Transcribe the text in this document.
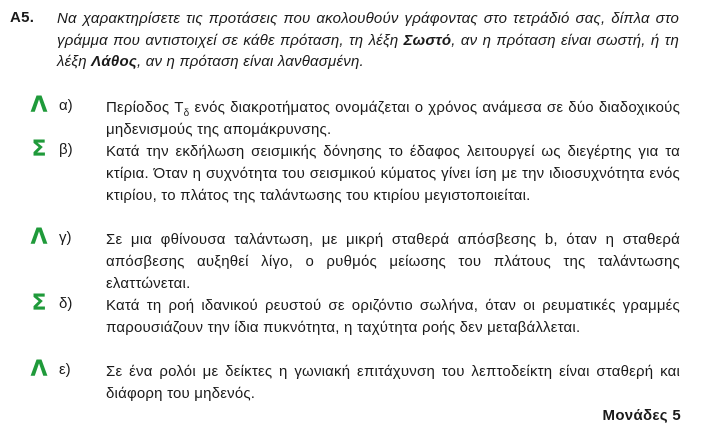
A5. Να χαρακτηρίσετε τις προτάσεις που ακολουθούν γράφοντας στο τετράδιό σας, δίπλα στο γράμμα που αντιστοιχεί σε κάθε πρόταση, τη λέξη Σωστό, αν η πρόταση είναι σωστή, ή τη λέξη Λάθος, αν η πρόταση είναι λανθασμένη.
Λ α) Περίοδος $T_\delta$ ενός διακροτήματος ονομάζεται ο χρόνος ανάμεσα σε δύο διαδοχικούς μηδενισμούς της απομάκρυνσης.
Σ β) Κατά την εκδήλωση σεισμικής δόνησης το έδαφος λειτουργεί ως διεγέρτης για τα κτίρια. Όταν η συχνότητα του σεισμικού κύματος γίνει ίση με την ιδιοσυχνότητα ενός κτιρίου, το πλάτος της ταλάντωσης του κτιρίου μεγιστοποιείται.
Λ γ) Σε μια φθίνουσα ταλάντωση, με μικρή σταθερά απόσβεσης b, όταν η σταθερά απόσβεσης αυξηθεί λίγο, ο ρυθμός μείωσης του πλάτους της ταλάντωσης ελαττώνεται.
Σ δ) Κατά τη ροή ιδανικού ρευστού σε οριζόντιο σωλήνα, όταν οι ρευματικές γραμμές παρουσιάζουν την ίδια πυκνότητα, η ταχύτητα ροής δεν μεταβάλλεται.
Λ ε) Σε ένα ρολόι με δείκτες η γωνιακή επιτάχυνση του λεπτοδείκτη είναι σταθερή και διάφορη του μηδενός.
Μονάδες 5
